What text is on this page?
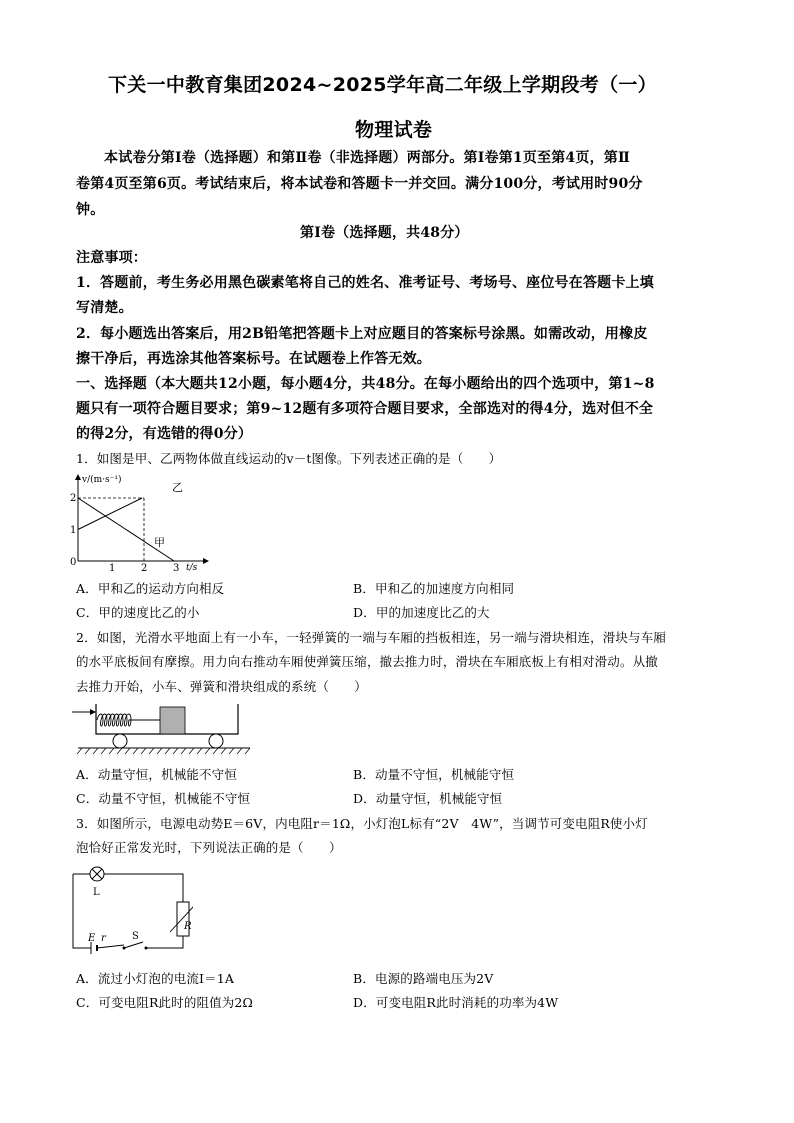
下关一中教育集团2024~2025学年高二年级上学期段考（一）
物理试卷
本试卷分第Ⅰ卷（选择题）和第Ⅱ卷（非选择题）两部分。第Ⅰ卷第1页至第4页，第Ⅱ
卷第4页至第6页。考试结束后，将本试卷和答题卡一并交回。满分100分，考试用时90分
钟。
第Ⅰ卷（选择题，共48分）
注意事项：
1．答题前，考生务必用黑色碳素笔将自己的姓名、准考证号、考场号、座位号在答题卡上填
写清楚。
2．每小题选出答案后，用2B铅笔把答题卡上对应题目的答案标号涂黑。如需改动，用橡皮
擦干净后，再选涂其他答案标号。在试题卷上作答无效。
一、选择题（本大题共12小题，每小题4分，共48分。在每小题给出的四个选项中，第1~8
题只有一项符合题目要求；第9~12题有多项符合题目要求，全部选对的得4分，选对但不全
的得2分，有选错的得0分）
1．如图是甲、乙两物体做直线运动的v－t图像。下列表述正确的是（　　）
v/(m·s⁻¹)
t/s
2
1
0
1	2	3
乙
甲
A．甲和乙的运动方向相反	B．甲和乙的加速度方向相同
C．甲的速度比乙的小	D．甲的加速度比乙的大
2．如图，光滑水平地面上有一小车，一轻弹簧的一端与车厢的挡板相连，另一端与滑块相连，滑块与车厢
的水平底板间有摩擦。用力向右推动车厢使弹簧压缩，撤去推力时，滑块在车厢底板上有相对滑动。从撤
去推力开始，小车、弹簧和滑块组成的系统（　　）
A．动量守恒，机械能不守恒	B．动量不守恒，机械能守恒
C．动量不守恒，机械能不守恒	D．动量守恒，机械能守恒
3．如图所示，电源电动势E＝6V，内电阻r＝1Ω，小灯泡L标有“2V　4W”，当调节可变电阻R使小灯
泡恰好正常发光时，下列说法正确的是（　　）
L
R
E r	S
A．流过小灯泡的电流I＝1A	B．电源的路端电压为2V
C．可变电阻R此时的阻值为2Ω	D．可变电阻R此时消耗的功率为4W
